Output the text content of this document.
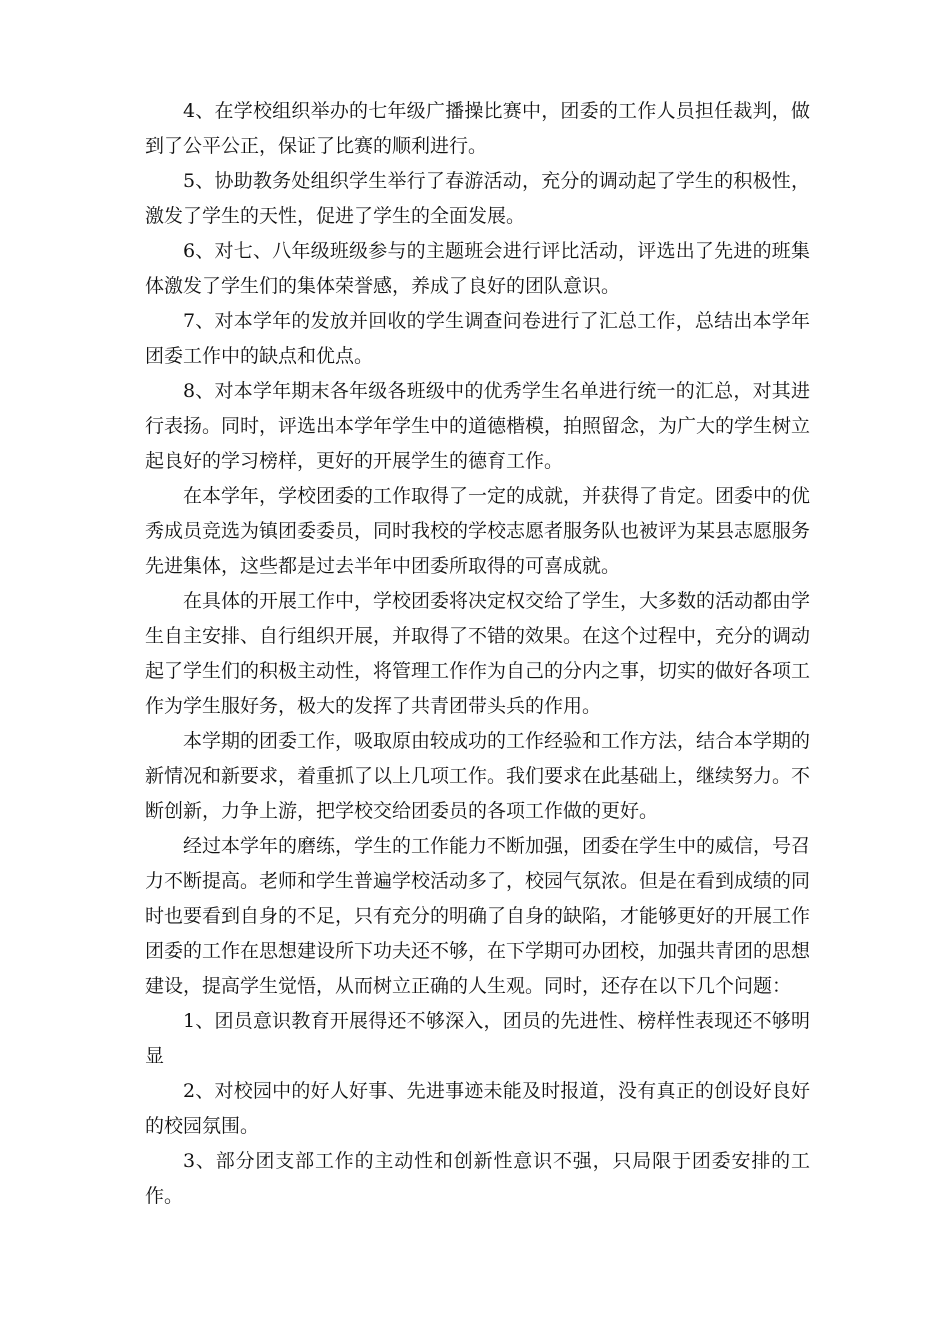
4、在学校组织举办的七年级广播操比赛中，团委的工作人员担任裁判，做到了公平公正，保证了比赛的顺利进行。

5、协助教务处组织学生举行了春游活动，充分的调动起了学生的积极性，激发了学生的天性，促进了学生的全面发展。

6、对七、八年级班级参与的主题班会进行评比活动，评选出了先进的班集体激发了学生们的集体荣誉感，养成了良好的团队意识。

7、对本学年的发放并回收的学生调查问卷进行了汇总工作，总结出本学年团委工作中的缺点和优点。

8、对本学年期末各年级各班级中的优秀学生名单进行统一的汇总，对其进行表扬。同时，评选出本学年学生中的道德楷模，拍照留念，为广大的学生树立起良好的学习榜样，更好的开展学生的德育工作。

在本学年，学校团委的工作取得了一定的成就，并获得了肯定。团委中的优秀成员竞选为镇团委委员，同时我校的学校志愿者服务队也被评为某县志愿服务先进集体，这些都是过去半年中团委所取得的可喜成就。

在具体的开展工作中，学校团委将决定权交给了学生，大多数的活动都由学生自主安排、自行组织开展，并取得了不错的效果。在这个过程中，充分的调动起了学生们的积极主动性，将管理工作作为自己的分内之事，切实的做好各项工作为学生服好务，极大的发挥了共青团带头兵的作用。

本学期的团委工作，吸取原由较成功的工作经验和工作方法，结合本学期的新情况和新要求，着重抓了以上几项工作。我们要求在此基础上，继续努力。不断创新，力争上游，把学校交给团委员的各项工作做的更好。

经过本学年的磨练，学生的工作能力不断加强，团委在学生中的威信，号召力不断提高。老师和学生普遍学校活动多了，校园气氛浓。但是在看到成绩的同时也要看到自身的不足，只有充分的明确了自身的缺陷，才能够更好的开展工作团委的工作在思想建设所下功夫还不够，在下学期可办团校，加强共青团的思想建设，提高学生觉悟，从而树立正确的人生观。同时，还存在以下几个问题：

1、团员意识教育开展得还不够深入，团员的先进性、榜样性表现还不够明显

2、对校园中的好人好事、先进事迹未能及时报道，没有真正的创设好良好的校园氛围。

3、部分团支部工作的主动性和创新性意识不强，只局限于团委安排的工作。
